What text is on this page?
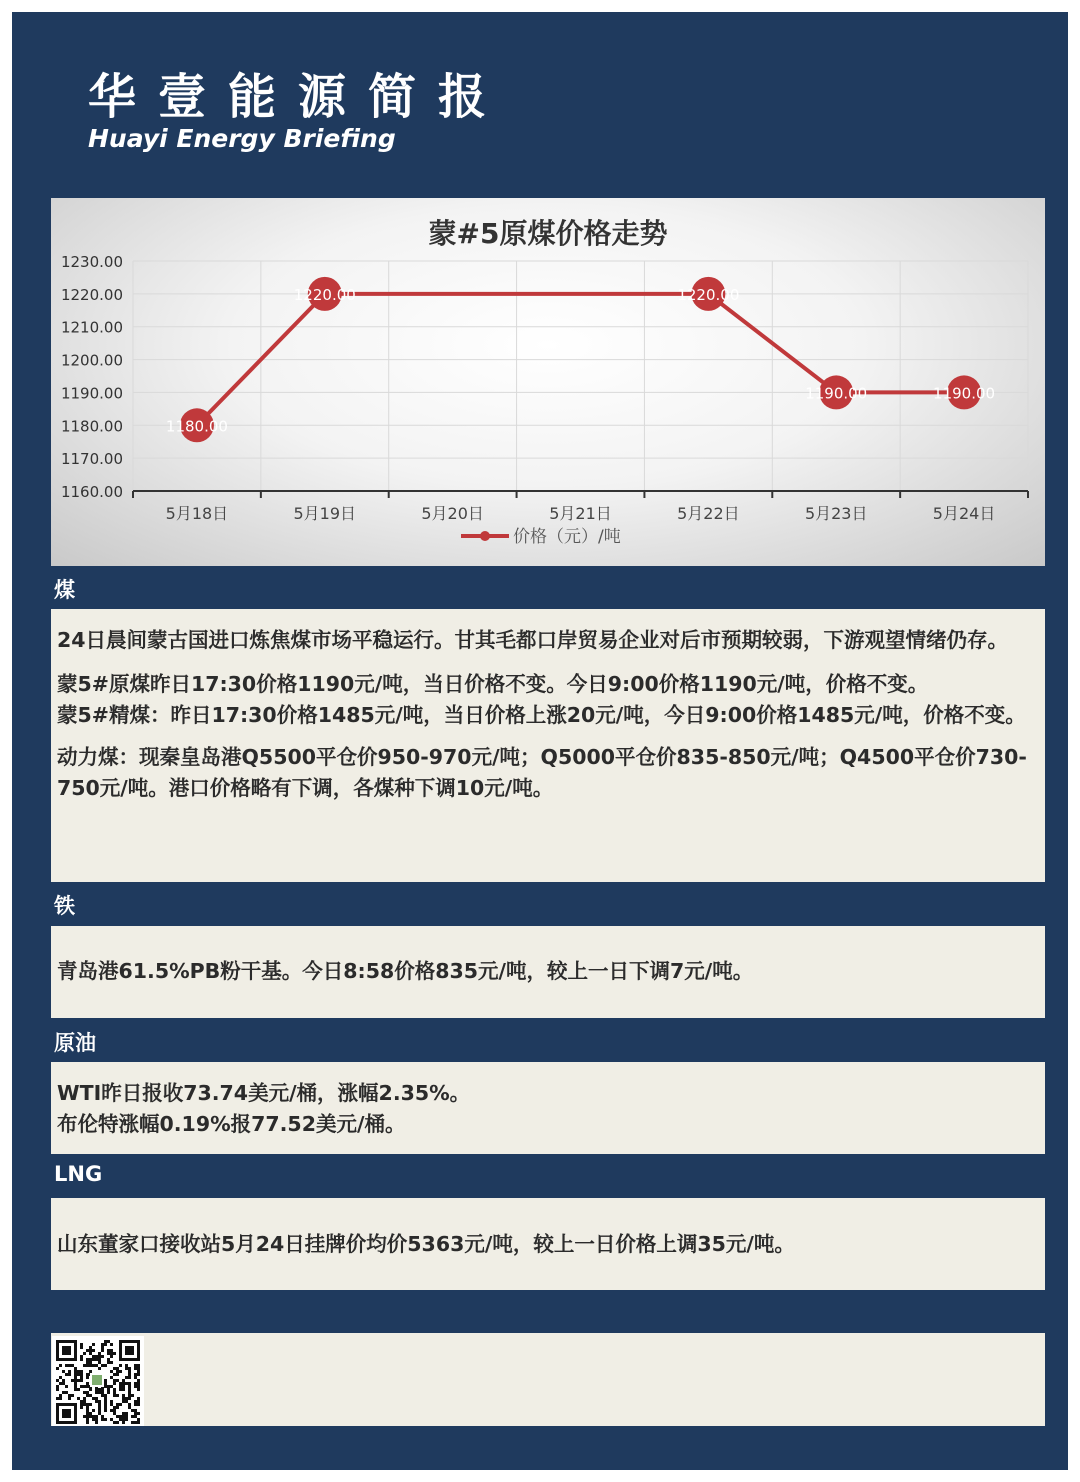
华壹能源简报
Huayi Energy Briefing
蒙#5原煤价格走势
1230.00
1220.00
1210.00
1200.00
1190.00
1180.00
1170.00
1160.00
5月18日	5月19日	5月20日	5月21日	5月22日	5月23日	5月24日
1180.00
1220.00	1220.00
1190.00	1190.00
价格（元）/吨
煤

24日晨间蒙古国进口炼焦煤市场平稳运行。甘其毛都口岸贸易企业对后市预期较弱，下游观望情绪仍存。

蒙5#原煤昨日17:30价格1190元/吨，当日价格不变。今日9:00价格1190元/吨，价格不变。

蒙5#精煤：昨日17:30价格1485元/吨，当日价格上涨20元/吨，今日9:00价格1485元/吨，价格不变。

动力煤：现秦皇岛港Q5500平仓价950-970元/吨；Q5000平仓价835-850元/吨；Q4500平仓价730-750元/吨。港口价格略有下调，各煤种下调10元/吨。

铁

青岛港61.5%PB粉干基。今日8:58价格835元/吨，较上一日下调7元/吨。

原油

WTI昨日报收73.74美元/桶，涨幅2.35%。

布伦特涨幅0.19%报77.52美元/桶。

LNG

山东董家口接收站5月24日挂牌价均价5363元/吨，较上一日价格上调35元/吨。
